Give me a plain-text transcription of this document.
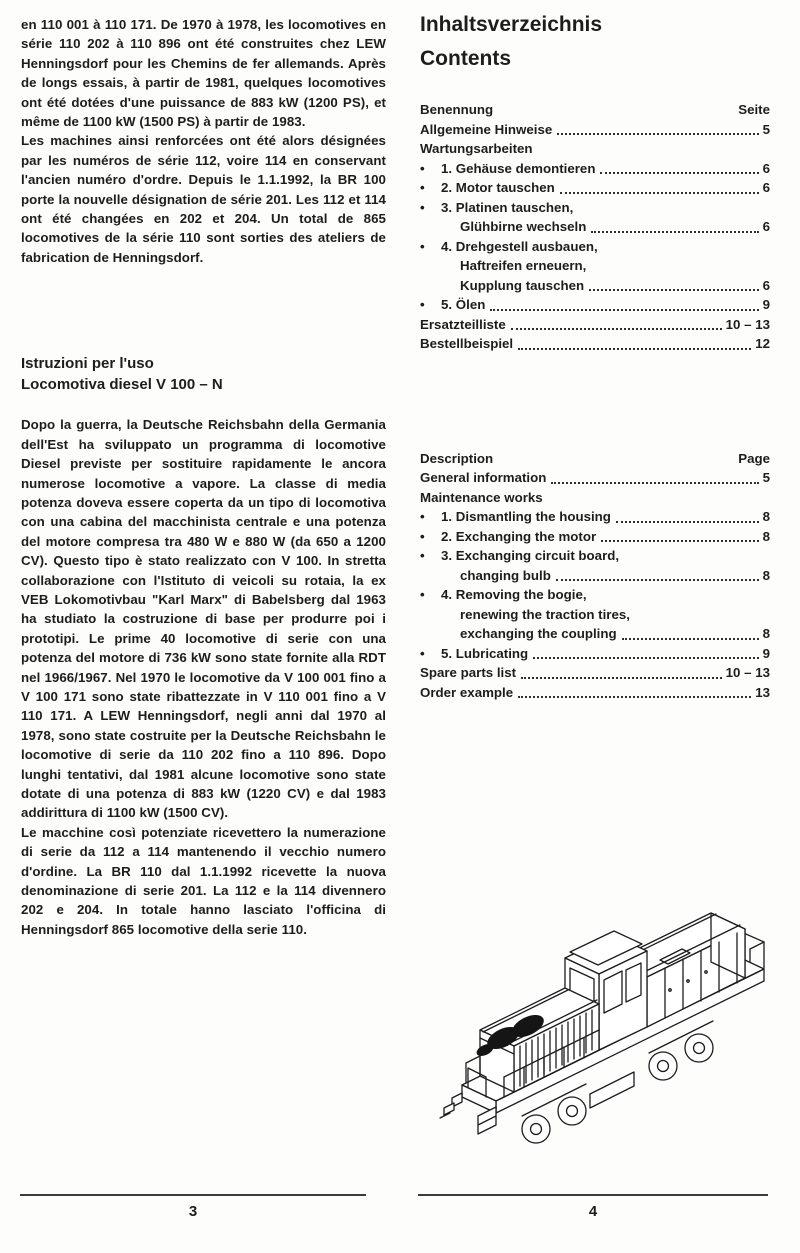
en 110 001 à 110 171. De 1970 à 1978, les locomotives en série 110 202 à 110 896 ont été construites chez LEW Henningsdorf pour les Chemins de fer allemands. Après de longs essais, à partir de 1981, quelques locomotives ont été dotées d'une puissance de 883 kW (1200 PS), et même de 1100 kW (1500 PS) à partir de 1983.

Les machines ainsi renforcées ont été alors désignées par les numéros de série 112, voire 114 en conservant l'ancien numéro d'ordre. Depuis le 1.1.1992, la BR 100 porte la nouvelle désignation de série 201. Les 112 et 114 ont été changées en 202 et 204. Un total de 865 locomotives de la série 110 sont sorties des ateliers de fabrication de Henningsdorf.

Istruzioni per l'uso
Locomotiva diesel V 100 – N

Dopo la guerra, la Deutsche Reichsbahn della Germania dell'Est ha sviluppato un programma di locomotive Diesel previste per sostituire rapidamente le ancora numerose locomotive a vapore. La classe di media potenza doveva essere coperta da un tipo di locomotiva con una cabina del macchinista centrale e una potenza del motore compresa tra 480 W e 880 W (da 650 a 1200 CV). Questo tipo è stato realizzato con V 100. In stretta collaborazione con l'Istituto di veicoli su rotaia, la ex VEB Lokomotivbau "Karl Marx" di Babelsberg dal 1963 ha studiato la costruzione di base per produrre poi i prototipi. Le prime 40 locomotive di serie con una potenza del motore di 736 kW sono state fornite alla RDT nel 1966/1967. Nel 1970 le locomotive da V 100 001 fino a V 100 171 sono state ribattezzate in V 110 001 fino a V 110 171. A LEW Henningsdorf, negli anni dal 1970 al 1978, sono state costruite per la Deutsche Reichsbahn le locomotive di serie da 110 202 fino a 110 896. Dopo lunghi tentativi, dal 1981 alcune locomotive sono state dotate di una potenza di 883 kW (1220 CV) e dal 1983 addirittura di 1100 kW (1500 CV).

Le macchine così potenziate ricevettero la numerazione di serie da 112 a 114 mantenendo il vecchio numero d'ordine. La BR 110 dal 1.1.1992 ricevette la nuova denominazione di serie 201. La 112 e la 114 divennero 202 e 204. In totale hanno lasciato l'officina di Henningsdorf 865 locomotive della serie 110.

Inhaltsverzeichnis
Contents
Benennung	Seite
Allgemeine Hinweise	5
Wartungsarbeiten
•	1. Gehäuse demontieren	6
•	2. Motor tauschen	6
•	3. Platinen tauschen,
Glühbirne wechseln	6
•	4. Drehgestell ausbauen,
Haftreifen erneuern,
Kupplung tauschen	6
•	5. Ölen	9
Ersatzteilliste	10 – 13
Bestellbeispiel	12
Description	Page
General information	5
Maintenance works
•	1. Dismantling the housing	8
•	2. Exchanging the motor	8
•	3. Exchanging circuit board,
changing bulb	8
•	4. Removing the bogie,
renewing the traction tires,
exchanging the coupling	8
•	5. Lubricating	9
Spare parts list	10 – 13
Order example	13
3	4
